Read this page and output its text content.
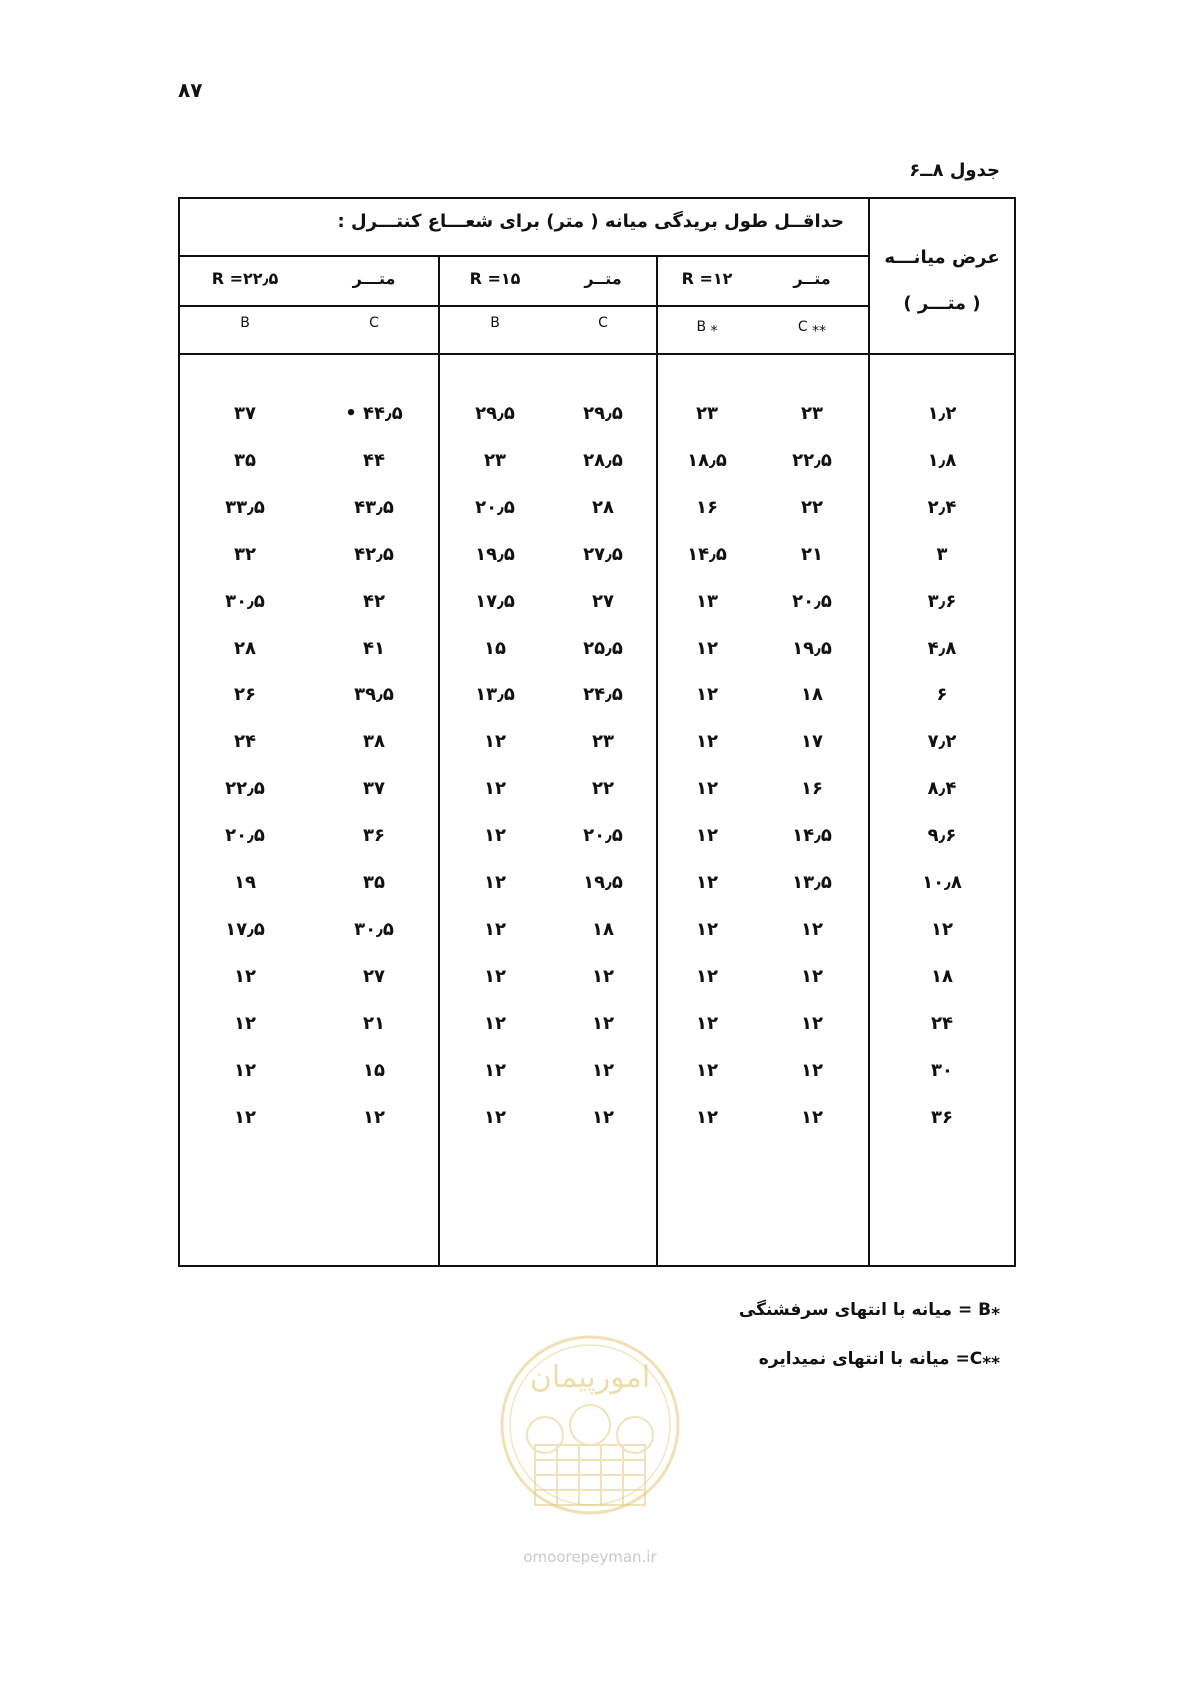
۸۷
جدول ۸ــ۶
حداقــل طول بریدگی میانه ( متر) برای شعـــاع کنتـــرل :
عرض میانـــه
( متـــر )
متــر
R =۱۲
C ⁎⁎
B ⁎
متــر
R =۱۵
C
B
متـــر
R =۲۲٫۵
C
B
۱٫۲
۲۳
۲۳
۲۹٫۵
۲۹٫۵
۴۴٫۵ •
۳۷
۱٫۸
۲۲٫۵
۱۸٫۵
۲۸٫۵
۲۳
۴۴
۳۵
۲٫۴
۲۲
۱۶
۲۸
۲۰٫۵
۴۳٫۵
۳۳٫۵
۳
۲۱
۱۴٫۵
۲۷٫۵
۱۹٫۵
۴۲٫۵
۳۲
۳٫۶
۲۰٫۵
۱۳
۲۷
۱۷٫۵
۴۲
۳۰٫۵
۴٫۸
۱۹٫۵
۱۲
۲۵٫۵
۱۵
۴۱
۲۸
۶
۱۸
۱۲
۲۴٫۵
۱۳٫۵
۳۹٫۵
۲۶
۷٫۲
۱۷
۱۲
۲۳
۱۲
۳۸
۲۴
۸٫۴
۱۶
۱۲
۲۲
۱۲
۳۷
۲۲٫۵
۹٫۶
۱۴٫۵
۱۲
۲۰٫۵
۱۲
۳۶
۲۰٫۵
۱۰٫۸
۱۳٫۵
۱۲
۱۹٫۵
۱۲
۳۵
۱۹
۱۲
۱۲
۱۲
۱۸
۱۲
۳۰٫۵
۱۷٫۵
۱۸
۱۲
۱۲
۱۲
۱۲
۲۷
۱۲
۲۴
۱۲
۱۲
۱۲
۱۲
۲۱
۱۲
۳۰
۱۲
۱۲
۱۲
۱۲
۱۵
۱۲
۳۶
۱۲
۱۲
۱۲
۱۲
۱۲
۱۲
⁎B = میانه با انتهای سرفشنگی
⁎⁎C= میانه با انتهای نمیدایره
امورپیمان
omoorepeyman.ir
